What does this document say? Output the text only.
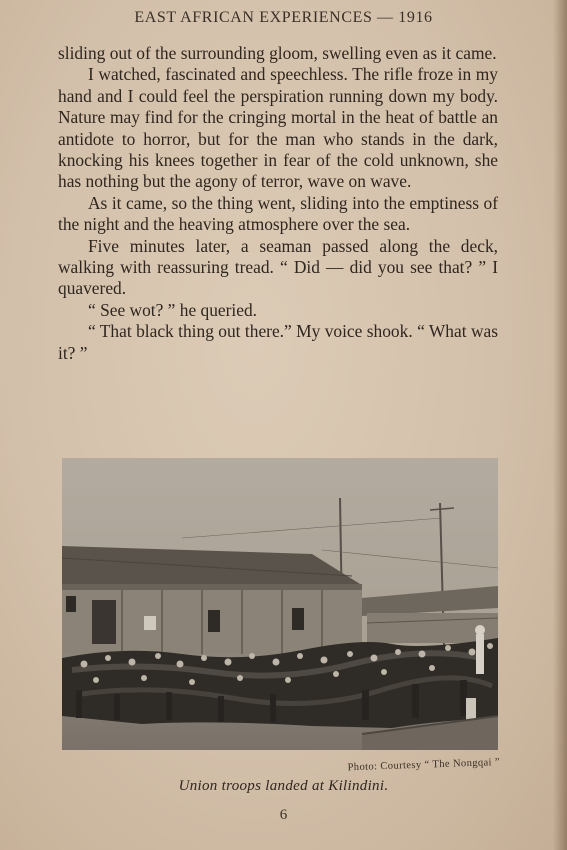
EAST AFRICAN EXPERIENCES — 1916

sliding out of the surrounding gloom, swelling even as it came.

I watched, fascinated and speechless. The rifle froze in my hand and I could feel the perspiration running down my body. Nature may find for the cringing mortal in the heat of battle an antidote to horror, but for the man who stands in the dark, knocking his knees together in fear of the cold unknown, she has nothing but the agony of terror, wave on wave.

As it came, so the thing went, sliding into the emptiness of the night and the heaving atmosphere over the sea.

Five minutes later, a seaman passed along the deck, walking with reassuring tread. “ Did — did you see that? ” I quavered.

“ See wot? ” he queried.

“ That black thing out there.” My voice shook. “ What was it? ”

Photo: Courtesy “ The Nongqai ”
Union troops landed at Kilindini.
6
